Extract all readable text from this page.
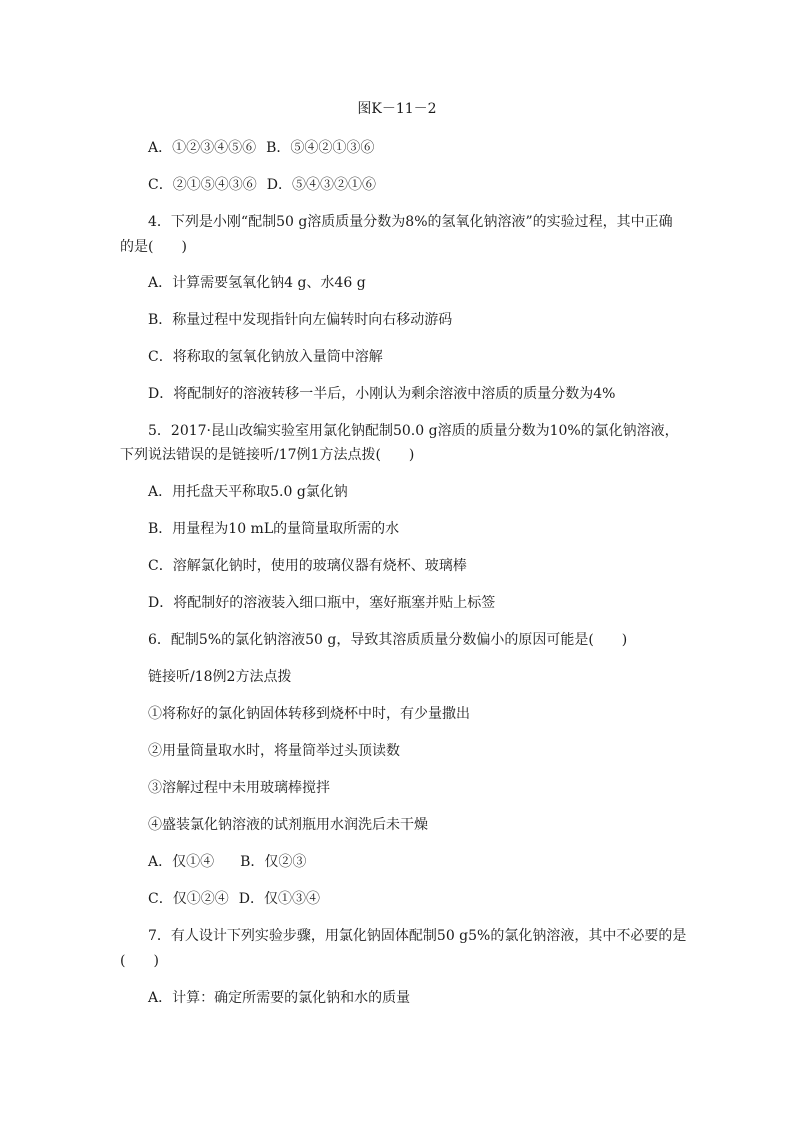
图K－11－2
A．①②③④⑤⑥ B．⑤④②①③⑥
C．②①⑤④③⑥ D．⑤④③②①⑥
4．下列是小刚“配制50 g溶质质量分数为8%的氢氧化钠溶液”的实验过程，其中正确
的是(　　)
A．计算需要氢氧化钠4 g、水46 g
B．称量过程中发现指针向左偏转时向右移动游码
C．将称取的氢氧化钠放入量筒中溶解
D．将配制好的溶液转移一半后，小刚认为剩余溶液中溶质的质量分数为4%
5．2017·昆山改编实验室用氯化钠配制50.0 g溶质的质量分数为10%的氯化钠溶液，
下列说法错误的是链接听/17例1方法点拨(　　)
A．用托盘天平称取5.0 g氯化钠
B．用量程为10 mL的量筒量取所需的水
C．溶解氯化钠时，使用的玻璃仪器有烧杯、玻璃棒
D．将配制好的溶液装入细口瓶中，塞好瓶塞并贴上标签
6．配制5%的氯化钠溶液50 g，导致其溶质质量分数偏小的原因可能是(　　)
链接听/18例2方法点拨
①将称好的氯化钠固体转移到烧杯中时，有少量撒出
②用量筒量取水时，将量筒举过头顶读数
③溶解过程中未用玻璃棒搅拌
④盛装氯化钠溶液的试剂瓶用水润洗后未干燥
A．仅①④ B．仅②③
C．仅①②④ D．仅①③④
7．有人设计下列实验步骤，用氯化钠固体配制50 g5%的氯化钠溶液，其中不必要的是
(　　)
A．计算：确定所需要的氯化钠和水的质量
